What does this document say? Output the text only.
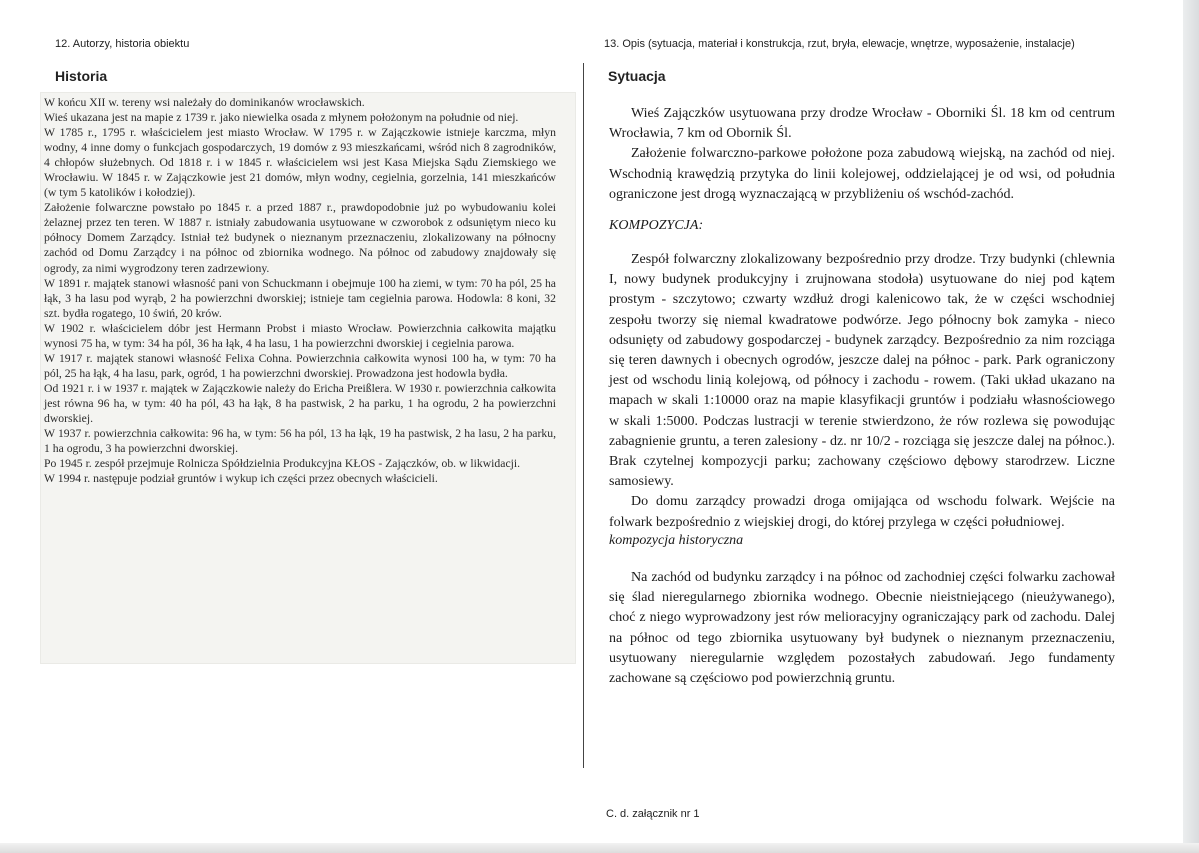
12. Autorzy, historia obiektu	13. Opis (sytuacja, materiał i konstrukcja, rzut, bryła, elewacje, wnętrze, wyposażenie, instalacje)
Historia	Sytuacja

W końcu XII w. tereny wsi należały do dominikanów wrocławskich.

Wieś ukazana jest na mapie z 1739 r. jako niewielka osada z młynem położonym na południe od niej.

W 1785 r., 1795 r. właścicielem jest miasto Wrocław. W 1795 r. w Zajączkowie istnieje karczma, młyn wodny, 4 inne domy o funkcjach gospodarczych, 19 domów z 93 mieszkańcami, wśród nich 8 zagrodników, 4 chłopów służebnych. Od 1818 r. i w 1845 r. właścicielem wsi jest Kasa Miejska Sądu Ziemskiego we Wrocławiu. W 1845 r. w Zajączkowie jest 21 domów, młyn wodny, cegielnia, gorzelnia, 141 mieszkańców (w tym 5 katolików i kołodziej).

Założenie folwarczne powstało po 1845 r. a przed 1887 r., prawdopodobnie już po wybudowaniu kolei żelaznej przez ten teren. W 1887 r. istniały zabudowania usytuowane w czworobok z odsuniętym nieco ku północy Domem Zarządcy. Istniał też budynek o nieznanym przeznaczeniu, zlokalizowany na północny zachód od Domu Zarządcy i na północ od zbiornika wodnego. Na północ od zabudowy znajdowały się ogrody, za nimi wygrodzony teren zadrzewiony.

W 1891 r. majątek stanowi własność pani von Schuckmann i obejmuje 100 ha ziemi, w tym: 70 ha pól, 25 ha łąk, 3 ha lasu pod wyrąb, 2 ha powierzchni dworskiej; istnieje tam cegielnia parowa. Hodowla: 8 koni, 32 szt. bydła rogatego, 10 świń, 20 krów.

W 1902 r. właścicielem dóbr jest Hermann Probst i miasto Wrocław. Powierzchnia całkowita majątku wynosi 75 ha, w tym: 34 ha pól, 36 ha łąk, 4 ha lasu, 1 ha powierzchni dworskiej i cegielnia parowa.

W 1917 r. majątek stanowi własność Felixa Cohna. Powierzchnia całkowita wynosi 100 ha, w tym: 70 ha pól, 25 ha łąk, 4 ha lasu, park, ogród, 1 ha powierzchni dworskiej. Prowadzona jest hodowla bydła.

Od 1921 r. i w 1937 r. majątek w Zajączkowie należy do Ericha Preißlera. W 1930 r. powierzchnia całkowita jest równa 96 ha, w tym: 40 ha pól, 43 ha łąk, 8 ha pastwisk, 2 ha parku, 1 ha ogrodu, 2 ha powierzchni dworskiej.

W 1937 r. powierzchnia całkowita: 96 ha, w tym: 56 ha pól, 13 ha łąk, 19 ha pastwisk, 2 ha lasu, 2 ha parku, 1 ha ogrodu, 3 ha powierzchni dworskiej.

Po 1945 r. zespół przejmuje Rolnicza Spółdzielnia Produkcyjna KŁOS - Zajączków, ob. w likwidacji.

W 1994 r. następuje podział gruntów i wykup ich części przez obecnych właścicieli.

Wieś Zajączków usytuowana przy drodze Wrocław - Oborniki Śl. 18 km od centrum Wrocławia, 7 km od Obornik Śl.

Założenie folwarczno-parkowe położone poza zabudową wiejską, na zachód od niej. Wschodnią krawędzią przytyka do linii kolejowej, oddzielającej je od wsi, od południa ograniczone jest drogą wyznaczającą w przybliżeniu oś wschód-zachód.

KOMPOZYCJA:

Zespół folwarczny zlokalizowany bezpośrednio przy drodze. Trzy budynki (chlewnia I, nowy budynek produkcyjny i zrujnowana stodoła) usytuowane do niej pod kątem prostym - szczytowo; czwarty wzdłuż drogi kalenicowo tak, że w części wschodniej zespołu tworzy się niemal kwadratowe podwórze. Jego północny bok zamyka - nieco odsunięty od zabudowy gospodarczej - budynek zarządcy. Bezpośrednio za nim rozciąga się teren dawnych i obecnych ogrodów, jeszcze dalej na północ - park. Park ograniczony jest od wschodu linią kolejową, od północy i zachodu - rowem. (Taki układ ukazano na mapach w skali 1:10000 oraz na mapie klasyfikacji gruntów i podziału własnościowego w skali 1:5000. Podczas lustracji w terenie stwierdzono, że rów rozlewa się powodując zabagnienie gruntu, a teren zalesiony - dz. nr 10/2 - rozciąga się jeszcze dalej na północ.). Brak czytelnej kompozycji parku; zachowany częściowo dębowy starodrzew. Liczne samosiewy.

Do domu zarządcy prowadzi droga omijająca od wschodu folwark. Wejście na folwark bezpośrednio z wiejskiej drogi, do której przylega w części południowej.

kompozycja historyczna

Na zachód od budynku zarządcy i na północ od zachodniej części folwarku zachował się ślad nieregularnego zbiornika wodnego. Obecnie nieistniejącego (nieużywanego), choć z niego wyprowadzony jest rów melioracyjny ograniczający park od zachodu. Dalej na północ od tego zbiornika usytuowany był budynek o nieznanym przeznaczeniu, usytuowany nieregularnie względem pozostałych zabudowań. Jego fundamenty zachowane są częściowo pod powierzchnią gruntu.

C. d. załącznik nr 1
